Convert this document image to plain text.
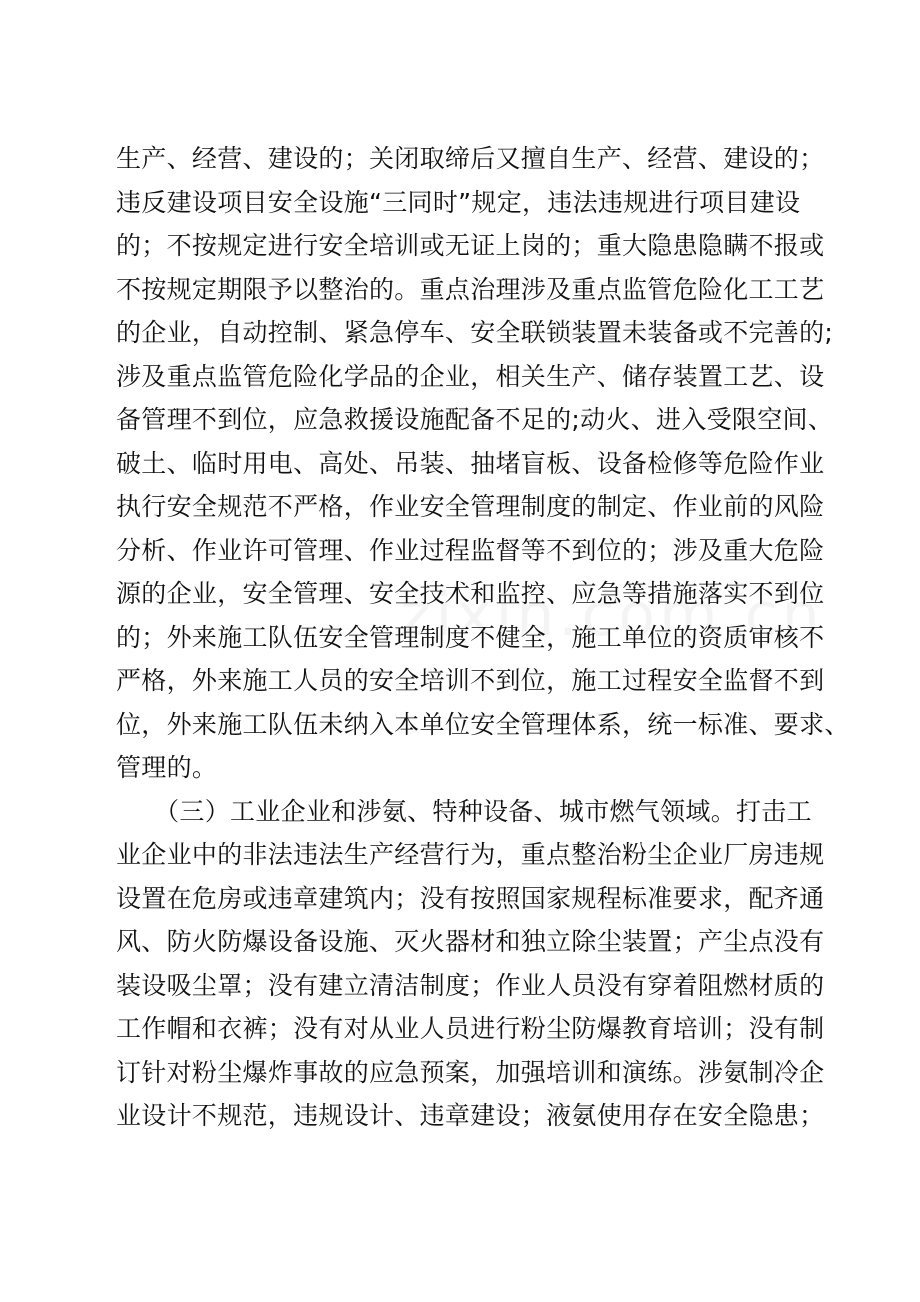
生产、经营、建设的；关闭取缔后又擅自生产、经营、建设的；
违反建设项目安全设施“三同时”规定，违法违规进行项目建设
的；不按规定进行安全培训或无证上岗的；重大隐患隐瞒不报或
不按规定期限予以整治的。重点治理涉及重点监管危险化工工艺
的企业，自动控制、紧急停车、安全联锁装置未装备或不完善的;
涉及重点监管危险化学品的企业，相关生产、储存装置工艺、设
备管理不到位，应急救援设施配备不足的;动火、进入受限空间、
破土、临时用电、高处、吊装、抽堵盲板、设备检修等危险作业
执行安全规范不严格，作业安全管理制度的制定、作业前的风险
分析、作业许可管理、作业过程监督等不到位的；涉及重大危险
源的企业，安全管理、安全技术和监控、应急等措施落实不到位
的；外来施工队伍安全管理制度不健全，施工单位的资质审核不
严格，外来施工人员的安全培训不到位，施工过程安全监督不到
位，外来施工队伍未纳入本单位安全管理体系，统一标准、要求、
管理的。
　　（三）工业企业和涉氨、特种设备、城市燃气领域。打击工
业企业中的非法违法生产经营行为，重点整治粉尘企业厂房违规
设置在危房或违章建筑内；没有按照国家规程标准要求，配齐通
风、防火防爆设备设施、灭火器材和独立除尘装置；产尘点没有
装设吸尘罩；没有建立清洁制度；作业人员没有穿着阻燃材质的
工作帽和衣裤；没有对从业人员进行粉尘防爆教育培训；没有制
订针对粉尘爆炸事故的应急预案，加强培训和演练。涉氨制冷企
业设计不规范，违规设计、违章建设；液氨使用存在安全隐患；
